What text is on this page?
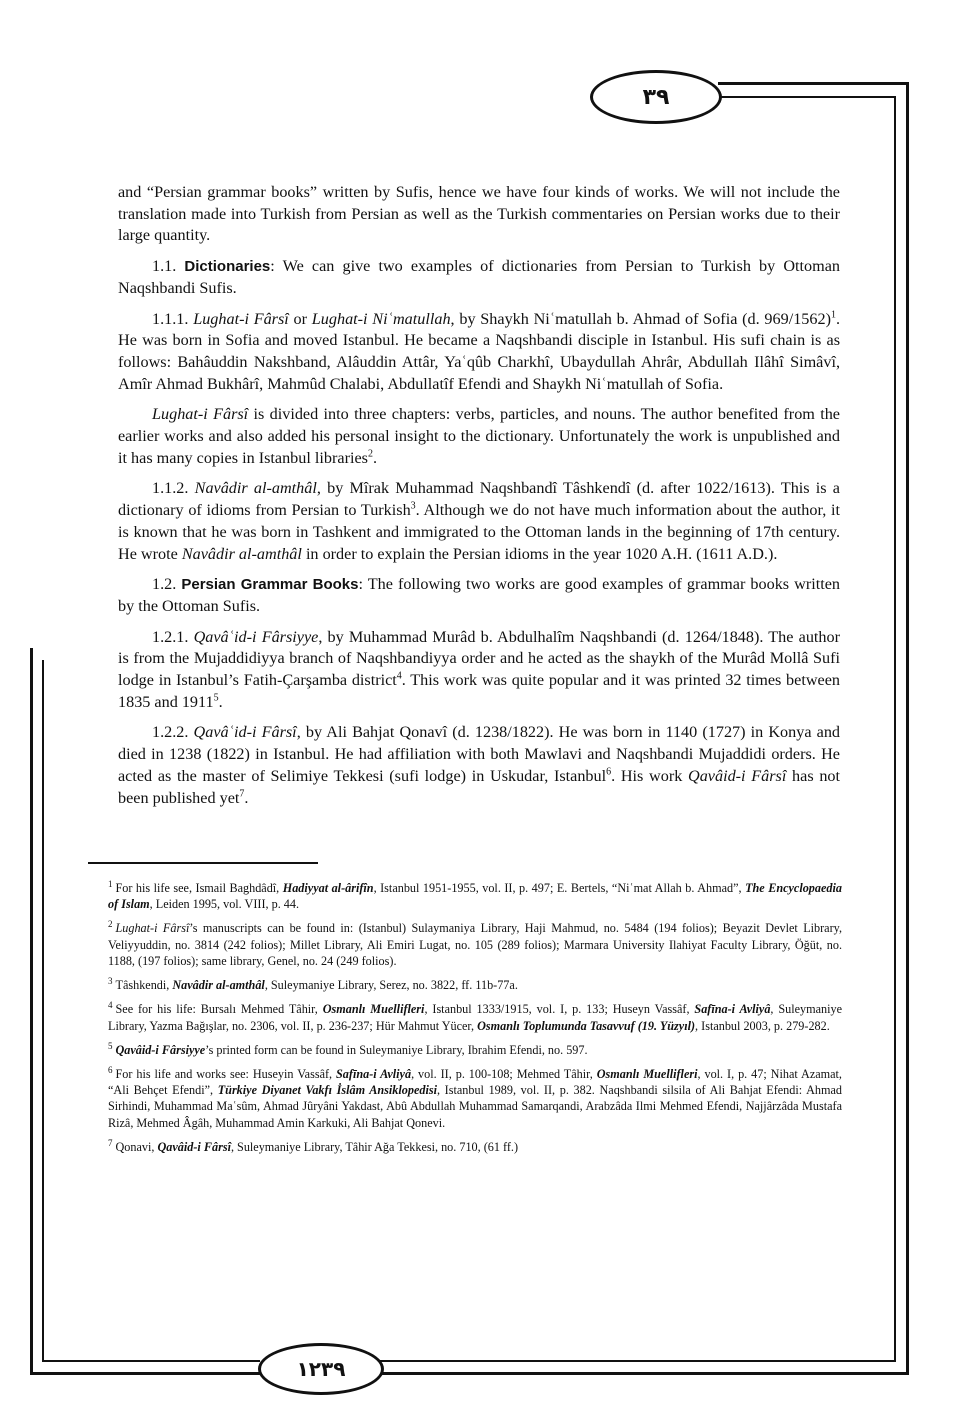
۳۹
۱۲۳۹

and “Persian grammar books” written by Sufis, hence we have four kinds of works. We will not include the translation made into Turkish from Persian as well as the Turkish commentaries on Persian works due to their large quantity.

1.1. Dictionaries: We can give two examples of dictionaries from Persian to Turkish by Ottoman Naqshbandi Sufis.

1.1.1. Lughat-i Fârsî or Lughat-i Niʿmatullah, by Shaykh Niʿmatullah b. Ahmad of Sofia (d. 969/1562)$^1$. He was born in Sofia and moved Istanbul. He became a Naqshbandi disciple in Istanbul. His sufi chain is as follows: Bahâuddin Nakshband, Alâuddin Attâr, Yaʿqûb Charkhî, Ubaydullah Ahrâr, Abdullah Ilâhî Simâvî, Amîr Ahmad Bukhârî, Mahmûd Chalabi, Abdullatîf Efendi and Shaykh Niʿmatullah of Sofia.

Lughat-i Fârsî is divided into three chapters: verbs, particles, and nouns. The author benefited from the earlier works and also added his personal insight to the dictionary. Unfortunately the work is unpublished and it has many copies in Istanbul libraries$^2$.

1.1.2. Navâdir al-amthâl, by Mîrak Muhammad Naqshbandî Tâshkendî (d. after 1022/1613). This is a dictionary of idioms from Persian to Turkish$^3$. Although we do not have much information about the author, it is known that he was born in Tashkent and immigrated to the Ottoman lands in the beginning of 17th century. He wrote Navâdir al-amthâl in order to explain the Persian idioms in the year 1020 A.H. (1611 A.D.).

1.2. Persian Grammar Books: The following two works are good examples of grammar books written by the Ottoman Sufis.

1.2.1. Qavâʿid-i Fârsiyye, by Muhammad Murâd b. Abdulhalîm Naqshbandi (d. 1264/1848). The author is from the Mujaddidiyya branch of Naqshbandiyya order and he acted as the shaykh of the Murâd Mollâ Sufi lodge in Istanbul’s Fatih-Çarşamba district$^4$. This work was quite popular and it was printed 32 times between 1835 and 1911$^5$.

1.2.2. Qavâʿid-i Fârsî, by Ali Bahjat Qonavî (d. 1238/1822). He was born in 1140 (1727) in Konya and died in 1238 (1822) in Istanbul. He had affiliation with both Mawlavi and Naqshbandi Mujaddidi orders. He acted as the master of Selimiye Tekkesi (sufi lodge) in Uskudar, Istanbul$^6$. His work Qavâid-i Fârsî has not been published yet$^7$.

$^1$ For his life see, Ismail Baghdâdî, Hadiyyat al-ârifîn, Istanbul 1951-1955, vol. II, p. 497; E. Bertels, “Niʿmat Allah b. Ahmad”, The Encyclopaedia of Islam, Leiden 1995, vol. VIII, p. 44.

$^2$ Lughat-i Fârsî’s manuscripts can be found in: (Istanbul) Sulaymaniya Library, Haji Mahmud, no. 5484 (194 folios); Beyazit Devlet Library, Veliyyuddin, no. 3814 (242 folios); Millet Library, Ali Emiri Lugat, no. 105 (289 folios); Marmara University Ilahiyat Faculty Library, Öğüt, no. 1188, (197 folios); same library, Genel, no. 24 (249 folios).

$^3$ Tâshkendi, Navâdir al-amthâl, Suleymaniye Library, Serez, no. 3822, ff. 11b-77a.

$^4$ See for his life: Bursalı Mehmed Tâhir, Osmanlı Muellifleri, Istanbul 1333/1915, vol. I, p. 133; Huseyn Vassâf, Safīna-i Avliyâ, Suleymaniye Library, Yazma Bağışlar, no. 2306, vol. II, p. 236-237; Hür Mahmut Yücer, Osmanlı Toplumunda Tasavvuf (19. Yüzyıl), Istanbul 2003, p. 279-282.

$^5$ Qavâid-i Fârsiyye’s printed form can be found in Suleymaniye Library, Ibrahim Efendi, no. 597.

$^6$ For his life and works see: Huseyin Vassâf, Safīna-i Avliyâ, vol. II, p. 100-108; Mehmed Tâhir, Osmanlı Muellifleri, vol. I, p. 47; Nihat Azamat, “Ali Behçet Efendi”, Türkiye Diyanet Vakfı İslâm Ansiklopedisi, Istanbul 1989, vol. II, p. 382. Naqshbandi silsila of Ali Bahjat Efendi: Ahmad Sirhindi, Muhammad Maʿsûm, Ahmad Jûryâni Yakdast, Abû Abdullah Muhammad Samarqandi, Arabzâda Ilmi Mehmed Efendi, Najjârzâda Mustafa Rizâ, Mehmed Âgâh, Muhammad Amin Karkuki, Ali Bahjat Qonevi.

$^7$ Qonavi, Qavâid-i Fârsî, Suleymaniye Library, Tâhir Ağa Tekkesi, no. 710, (61 ff.)
